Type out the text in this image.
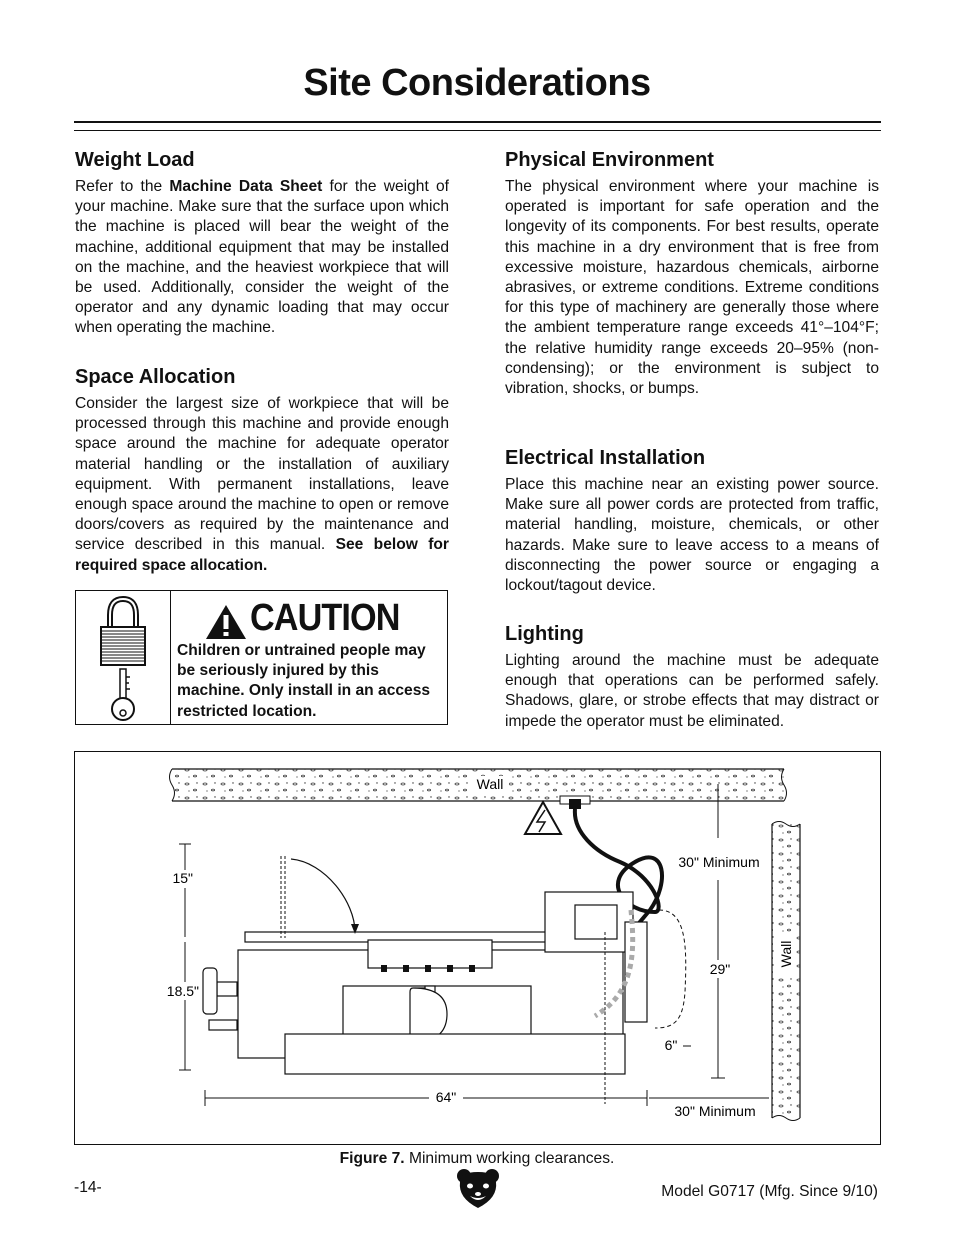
Site Considerations
Weight Load

Refer to the Machine Data Sheet for the weight of your machine. Make sure that the surface upon which the machine is placed will bear the weight of the machine, additional equipment that may be installed on the machine, and the heaviest workpiece that will be used. Additionally, consider the weight of the operator and any dynamic loading that may occur when operating the machine.

Space Allocation

Consider the largest size of workpiece that will be processed through this machine and provide enough space around the machine for adequate operator material handling or the installation of auxiliary equipment. With permanent installations, leave enough space around the machine to open or remove doors/covers as required by the maintenance and service described in this manual. See below for required space allocation.

CAUTION
Children or untrained people may be seriously injured by this machine. Only install in an access restricted location.
Physical Environment

The physical environment where your machine is operated is important for safe operation and the longevity of its components. For best results, operate this machine in a dry environment that is free from excessive moisture, hazardous chemicals, airborne abrasives, or extreme conditions. Extreme conditions for this type of machinery are generally those where the ambient temperature range exceeds 41°–104°F; the relative humidity range exceeds 20–95% (non-condensing); or the environment is subject to vibration, shocks, or bumps.

Electrical Installation

Place this machine near an existing power source. Make sure all power cords are protected from traffic, material handling, moisture, chemicals, or other hazards. Make sure to leave access to a means of disconnecting the power source or engaging a lockout/tagout device.

Lighting

Lighting around the machine must be adequate enough that operations can be performed safely. Shadows, glare, or strobe effects that may distract or impede the operator must be eliminated.

Wall
Wall
15"
18.5"
64"
30" Minimum
30" Minimum
29"
6"
Figure 7. Minimum working clearances.
-14-	Model G0717 (Mfg. Since 9/10)
